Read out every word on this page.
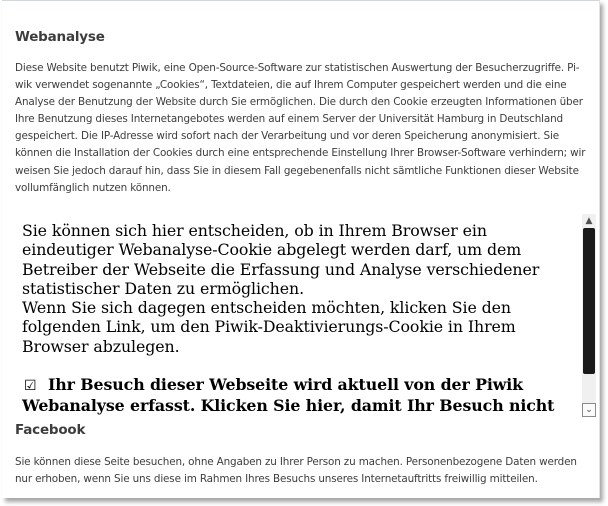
Webanalyse
Diese Website benutzt Piwik, eine Open-Source-Software zur statistischen Auswertung der Besucherzugriffe. Pi-wik verwendet sogenannte „Cookies“, Textdateien, die auf Ihrem Computer gespeichert werden und die eine Analyse der Benutzung der Website durch Sie ermöglichen. Die durch den Cookie erzeugten Informationen über Ihre Benutzung dieses Internetangebotes werden auf einem Server der Universität Hamburg in Deutschland gespeichert. Die IP-Adresse wird sofort nach der Verarbeitung und vor deren Speicherung anonymisiert. Sie können die Installation der Cookies durch eine entsprechende Einstellung Ihrer Browser-Software verhindern; wir weisen Sie jedoch darauf hin, dass Sie in diesem Fall gegebenenfalls nicht sämtliche Funktionen dieser Website vollumfänglich nutzen können.

Sie können sich hier entscheiden, ob in Ihrem Browser ein eindeutiger Webanalyse-Cookie abgelegt werden darf, um dem Betreiber der Webseite die Erfassung und Analyse verschiedener statistischer Daten zu ermöglichen.

Wenn Sie sich dagegen entscheiden möchten, klicken Sie den folgenden Link, um den Piwik-Deaktivierungs-Cookie in Ihrem Browser abzulegen.

☑ Ihr Besuch dieser Webseite wird aktuell von der Piwik Webanalyse erfasst. Klicken Sie hier, damit Ihr Besuch nicht

▲
⌄
Facebook
Sie können diese Seite besuchen, ohne Angaben zu Ihrer Person zu machen. Personenbezogene Daten werden nur erhoben, wenn Sie uns diese im Rahmen Ihres Besuchs unseres Internetauftritts freiwillig mitteilen.
